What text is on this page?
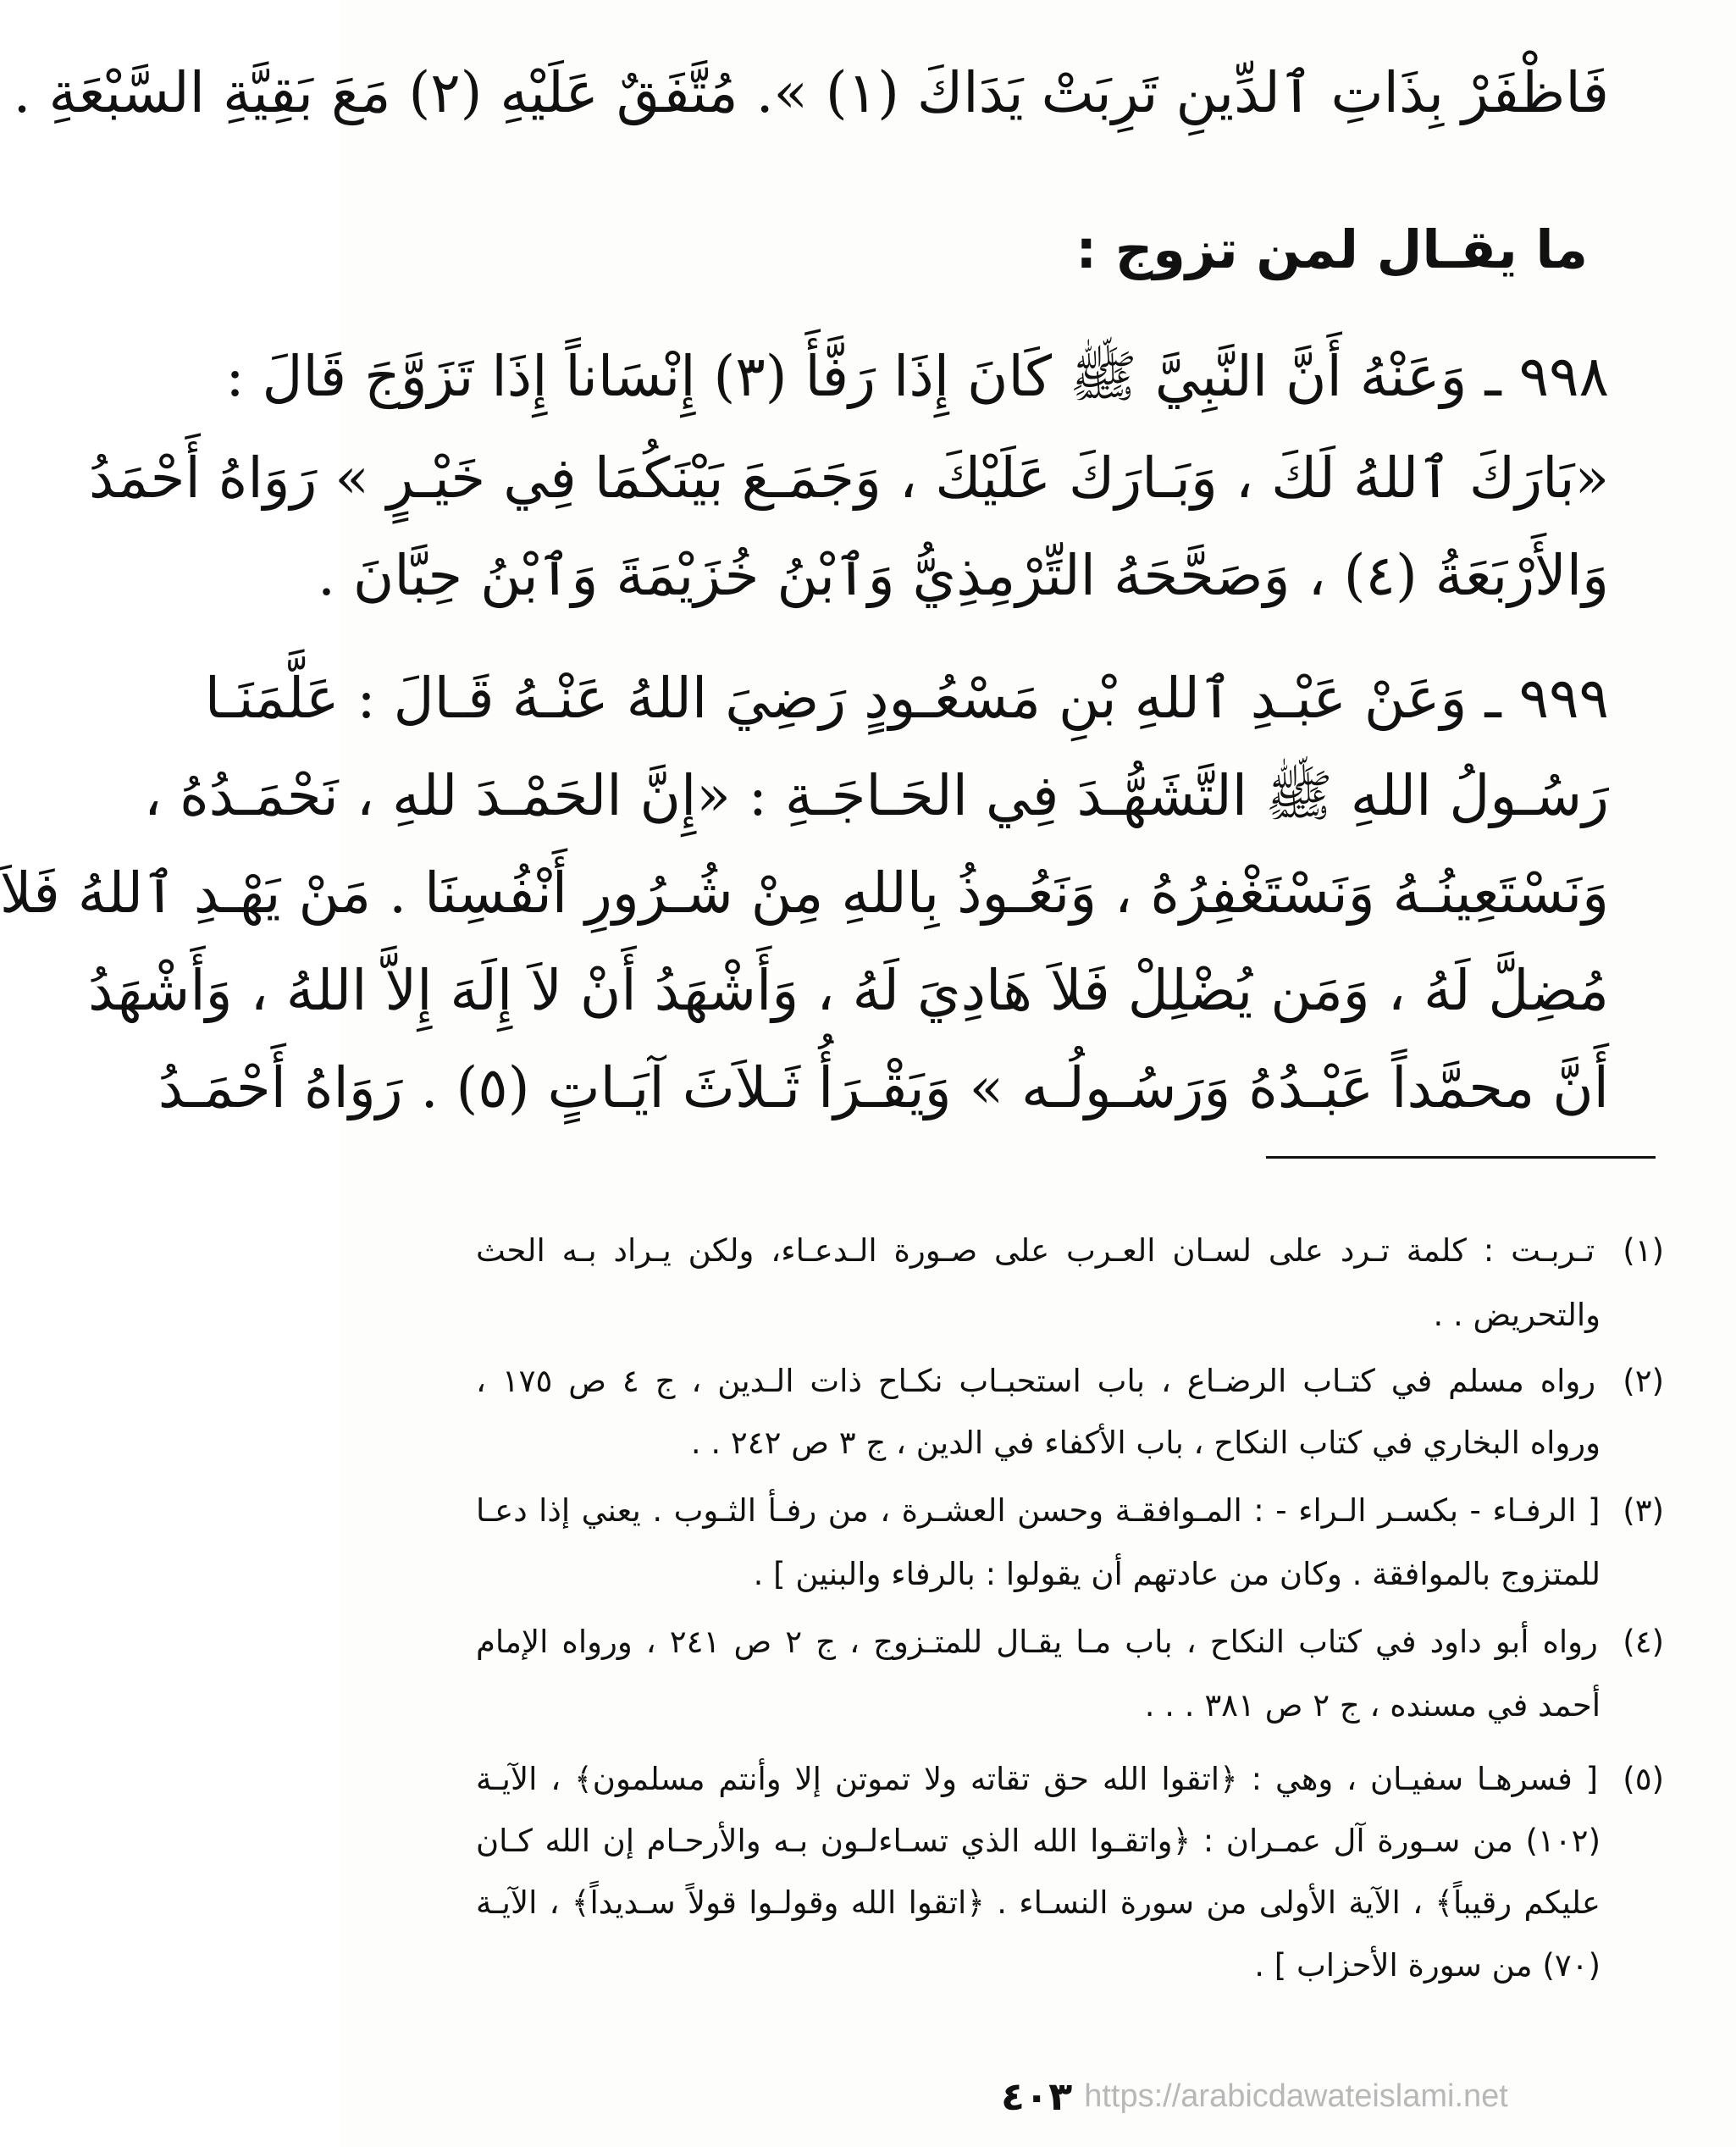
فَاظْفَرْ بِذَاتِ ٱلدِّينِ تَرِبَتْ يَدَاكَ (١) ». مُتَّفَقٌ عَلَيْهِ (٢) مَعَ بَقِيَّةِ السَّبْعَةِ .
ما يقـال لمن تزوج :
٩٩٨ ـ وَعَنْهُ أَنَّ النَّبِيَّ ﷺ كَانَ إِذَا رَفَّأَ (٣) إِنْسَاناً إِذَا تَزَوَّجَ قَالَ :
«بَارَكَ ٱللهُ لَكَ ، وَبَـارَكَ عَلَيْكَ ، وَجَمَـعَ بَيْنَكُمَا فِي خَيْـرٍ » رَوَاهُ أَحْمَدُ
وَالأَرْبَعَةُ (٤) ، وَصَحَّحَهُ التِّرْمِذِيُّ وَٱبْنُ خُزَيْمَةَ وَٱبْنُ حِبَّانَ .
٩٩٩ ـ وَعَنْ عَبْـدِ ٱللهِ بْنِ مَسْعُـودٍ رَضِيَ اللهُ عَنْـهُ قَـالَ : عَلَّمَنَـا
رَسُـولُ اللهِ ﷺ التَّشَهُّـدَ فِي الحَـاجَـةِ : «إِنَّ الحَمْـدَ للهِ ، نَحْمَـدُهُ ،
وَنَسْتَعِينُـهُ وَنَسْتَغْفِرُهُ ، وَنَعُـوذُ بِاللهِ مِنْ شُـرُورِ أَنْفُسِنَا . مَنْ يَهْـدِ ٱللهُ فَلاَ
مُضِلَّ لَهُ ، وَمَن يُضْلِلْ فَلاَ هَادِيَ لَهُ ، وَأَشْهَدُ أَنْ لاَ إِلَهَ إِلاَّ اللهُ ، وَأَشْهَدُ
أَنَّ محمَّداً عَبْـدُهُ وَرَسُـولُـه » وَيَقْـرَأُ ثَـلاَثَ آيَـاتٍ (٥) . رَوَاهُ أَحْمَـدُ
(١) تـربـت : كلمة تـرد على لسـان العـرب على صـورة الـدعـاء، ولكن يـراد بـه الحث
والتحريض . .
(٢) رواه مسلم في كتـاب الرضـاع ، باب استحبـاب نكـاح ذات الـدين ، ج ٤ ص ١٧٥ ،
ورواه البخاري في كتاب النكاح ، باب الأكفاء في الدين ، ج ٣ ص ٢٤٢ . .
(٣) [ الرفـاء - بكسـر الـراء - : المـوافقـة وحسن العشـرة ، من رفـأ الثـوب . يعني إذا دعـا
للمتزوج بالموافقة . وكان من عادتهم أن يقولوا : بالرفاء والبنين ] .
(٤) رواه أبو داود في كتاب النكاح ، باب مـا يقـال للمتـزوج ، ج ٢ ص ٢٤١ ، ورواه الإمام
أحمد في مسنده ، ج ٢ ص ٣٨١ . . .
(٥) [ فسرهـا سفيـان ، وهي : ﴿اتقوا الله حق تقاته ولا تموتن إلا وأنتم مسلمون﴾ ، الآيـة
(١٠٢) من سـورة آل عمـران : ﴿واتقـوا الله الذي تسـاءلـون بـه والأرحـام إن الله كـان
عليكم رقيباً﴾ ، الآية الأولى من سورة النسـاء . ﴿اتقوا الله وقولـوا قولاً سـديداً﴾ ، الآيـة
(٧٠) من سورة الأحزاب ] .
٤٠٣ https://arabicdawateislami.net
